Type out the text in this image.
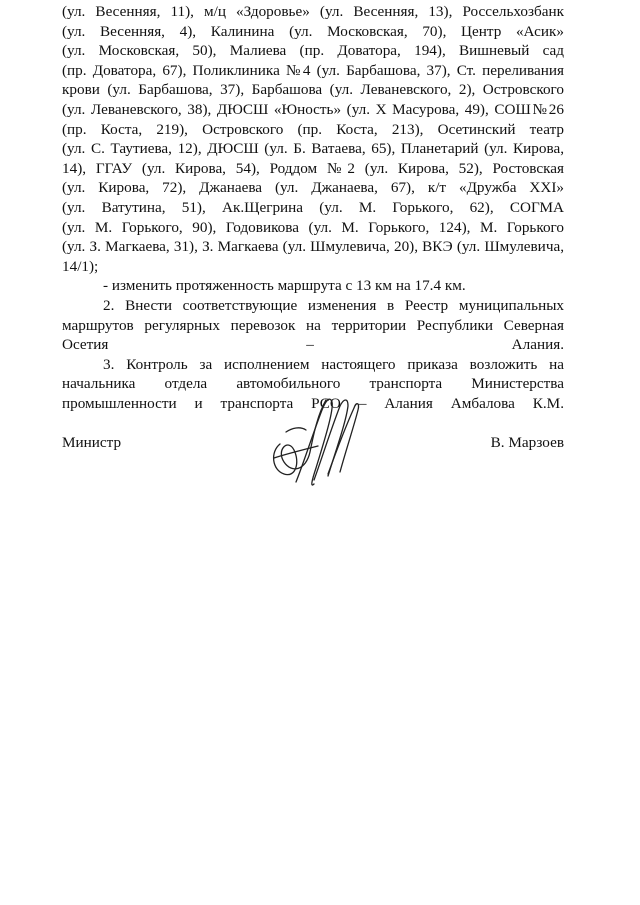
(ул. Весенняя, 11), м/ц «Здоровье» (ул. Весенняя, 13), Россельхозбанк
(ул. Весенняя, 4), Калинина (ул. Московская, 70), Центр «Асик»
(ул. Московская, 50), Малиева (пр. Доватора, 194), Вишневый сад
(пр. Доватора, 67), Поликлиника №4 (ул. Барбашова, 37), Ст. переливания
крови (ул. Барбашова, 37), Барбашова (ул. Леваневского, 2), Островского
(ул. Леваневского, 38), ДЮСШ «Юность» (ул. Х Масурова, 49), СОШ№26
(пр. Коста, 219), Островского (пр. Коста, 213), Осетинский театр
(ул. С. Таутиева, 12), ДЮСШ (ул. Б. Ватаева, 65), Планетарий (ул. Кирова,
14), ГГАУ (ул. Кирова, 54), Роддом №2 (ул. Кирова, 52), Ростовская
(ул. Кирова, 72), Джанаева (ул. Джанаева, 67), к/т «Дружба XXI»
(ул. Ватутина, 51), Ак.Щегрина (ул. М. Горького, 62), СОГМА
(ул. М. Горького, 90), Годовикова (ул. М. Горького, 124), М. Горького
(ул. З. Магкаева, 31), З. Магкаева (ул. Шмулевича, 20), ВКЭ (ул. Шмулевича,
14/1);
- изменить протяженность маршрута с 13 км на 17.4 км.
2. Внести соответствующие изменения в Реестр муниципальных
маршрутов регулярных перевозок на территории Республики Северная
Осетия – Алания.
3. Контроль за исполнением настоящего приказа возложить на
начальника отдела автомобильного транспорта Министерства
промышленности и транспорта РСО – Алания Амбалова К.М.
Министр	В. Марзоев
